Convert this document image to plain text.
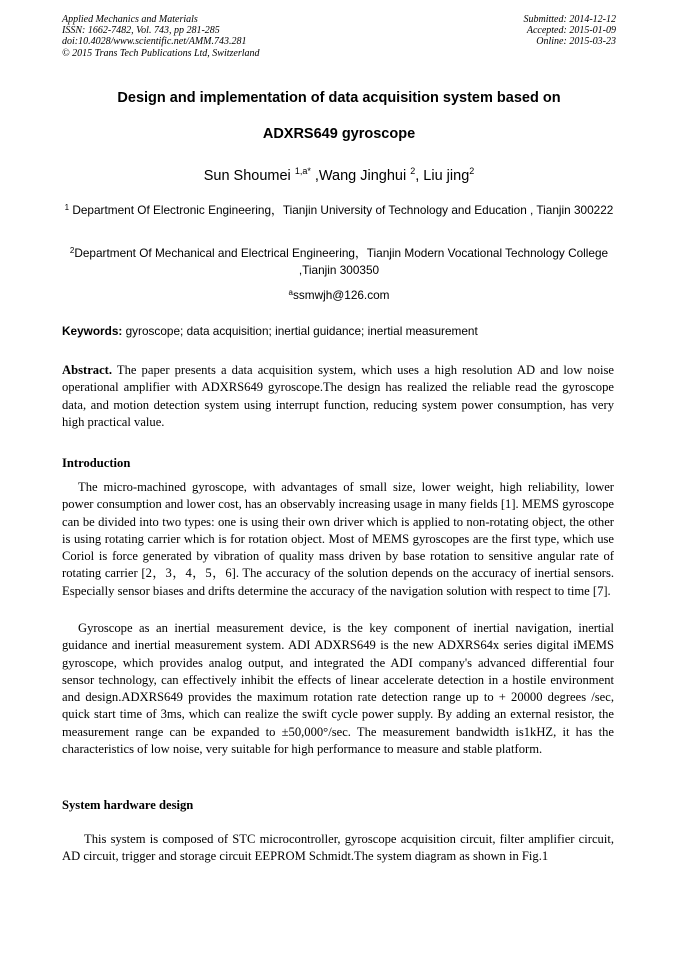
Applied Mechanics and Materials
ISSN: 1662-7482, Vol. 743, pp 281-285
doi:10.4028/www.scientific.net/AMM.743.281
© 2015 Trans Tech Publications Ltd, Switzerland
Submitted: 2014-12-12
Accepted: 2015-01-09
Online: 2015-03-23
Design and implementation of data acquisition system based on
ADXRS649 gyroscope
Sun Shoumei $^{1,a*}$ ,Wang Jinghui $^2$, Liu jing$^2$
$^1$ Department Of Electronic Engineering，Tianjin University of Technology and Education , Tianjin 300222
$^2$Department Of Mechanical and Electrical Engineering，Tianjin Modern Vocational Technology College ,Tianjin 300350
$^a$ssmwjh@126.com
Keywords: gyroscope; data acquisition; inertial guidance; inertial measurement
Abstract. The paper presents a data acquisition system, which uses a high resolution AD and low noise operational amplifier with ADXRS649 gyroscope.The design has realized the reliable read the gyroscope data, and motion detection system using interrupt function, reducing system power consumption, has very high practical value.
Introduction
The micro-machined gyroscope, with advantages of small size, lower weight, high reliability, lower power consumption and lower cost, has an observably increasing usage in many fields [1]. MEMS gyroscope can be divided into two types: one is using their own driver which is applied to non-rotating object, the other is using rotating carrier which is for rotation object. Most of MEMS gyroscopes are the first type, which use Coriol is force generated by vibration of quality mass driven by base rotation to sensitive angular rate of rotating carrier [2，3，4，5，6]. The accuracy of the solution depends on the accuracy of inertial sensors. Especially sensor biases and drifts determine the accuracy of the navigation solution with respect to time [7].
Gyroscope as an inertial measurement device, is the key component of inertial navigation, inertial guidance and inertial measurement system. ADI ADXRS649 is the new ADXRS64x series digital iMEMS gyroscope, which provides analog output, and integrated the ADI company's advanced differential four sensor technology, can effectively inhibit the effects of linear accelerate detection in a hostile environment and design.ADXRS649 provides the maximum rotation rate detection range up to + 20000 degrees /sec, quick start time of 3ms, which can realize the swift cycle power supply. By adding an external resistor, the measurement range can be expanded to ±50,000°/sec. The measurement bandwidth is1kHZ, it has the characteristics of low noise, very suitable for high performance to measure and stable platform.
System hardware design
This system is composed of STC microcontroller, gyroscope acquisition circuit, filter amplifier circuit, AD circuit, trigger and storage circuit EEPROM Schmidt.The system diagram as shown in Fig.1
